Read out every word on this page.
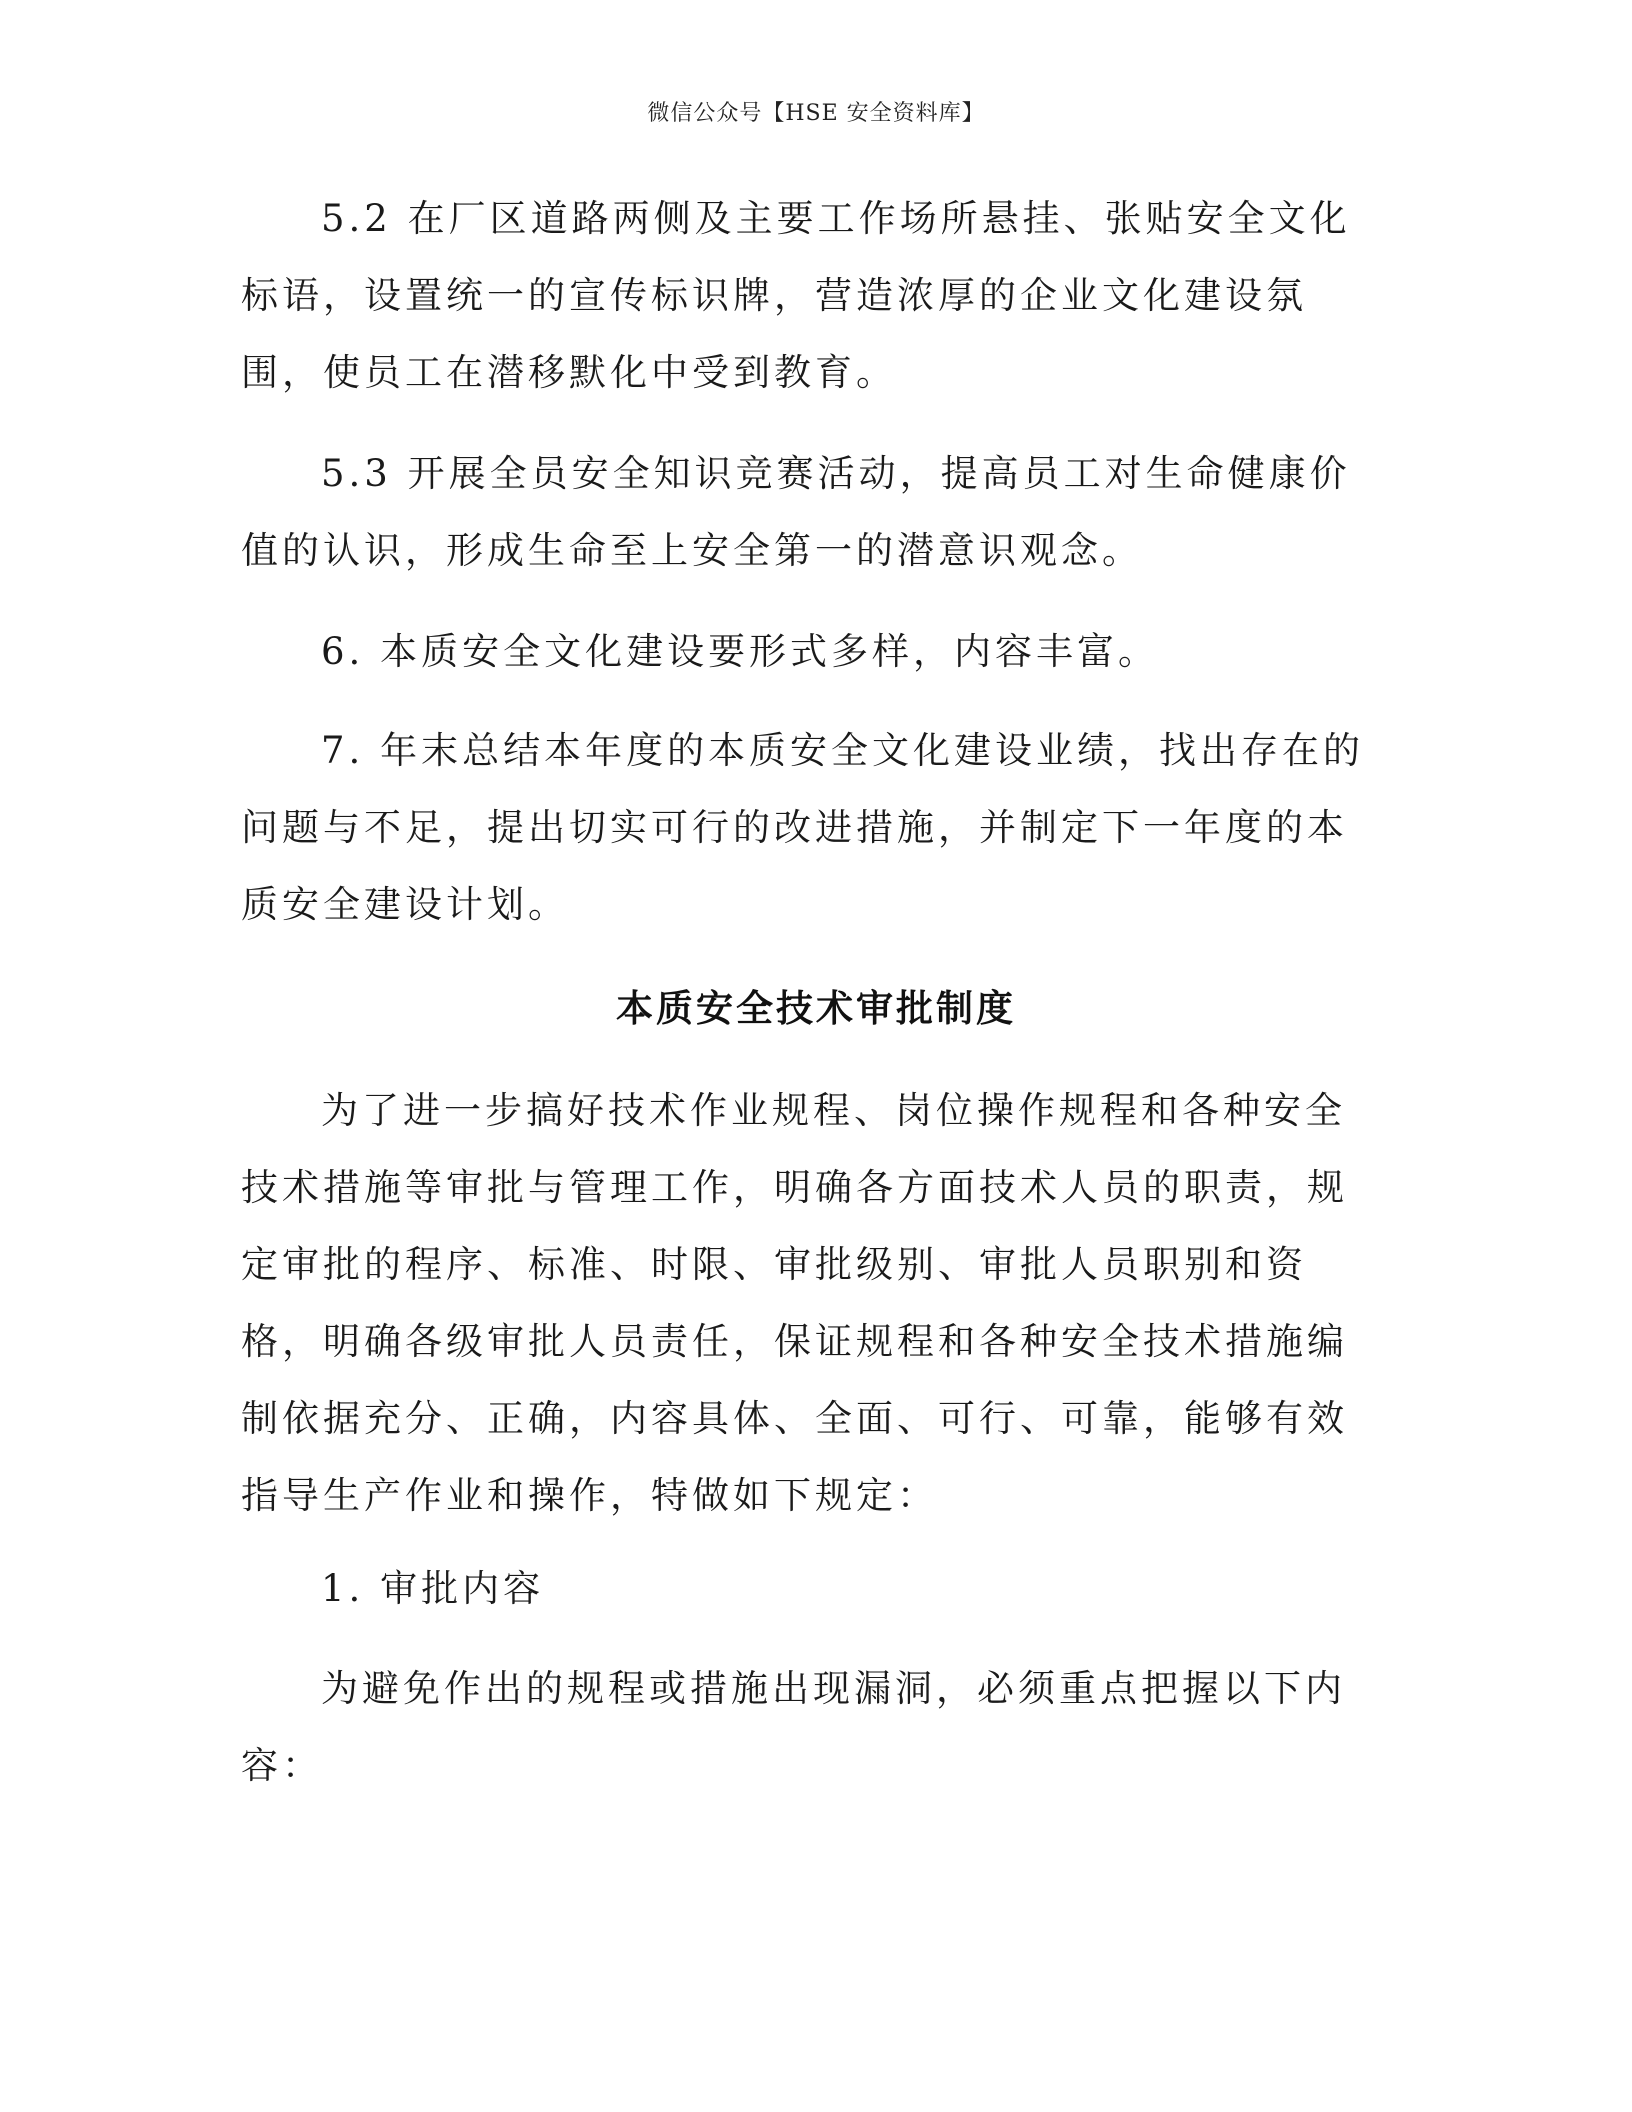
微信公众号【HSE 安全资料库】

5.2 在厂区道路两侧及主要工作场所悬挂、张贴安全文化标语，设置统一的宣传标识牌，营造浓厚的企业文化建设氛围，使员工在潜移默化中受到教育。

5.3 开展全员安全知识竞赛活动，提高员工对生命健康价值的认识，形成生命至上安全第一的潜意识观念。

6. 本质安全文化建设要形式多样，内容丰富。

7. 年末总结本年度的本质安全文化建设业绩，找出存在的问题与不足，提出切实可行的改进措施，并制定下一年度的本质安全建设计划。

本质安全技术审批制度

为了进一步搞好技术作业规程、岗位操作规程和各种安全技术措施等审批与管理工作，明确各方面技术人员的职责，规定审批的程序、标准、时限、审批级别、审批人员职别和资格，明确各级审批人员责任，保证规程和各种安全技术措施编制依据充分、正确，内容具体、全面、可行、可靠，能够有效指导生产作业和操作，特做如下规定：

1. 审批内容

为避免作出的规程或措施出现漏洞，必须重点把握以下内容：
